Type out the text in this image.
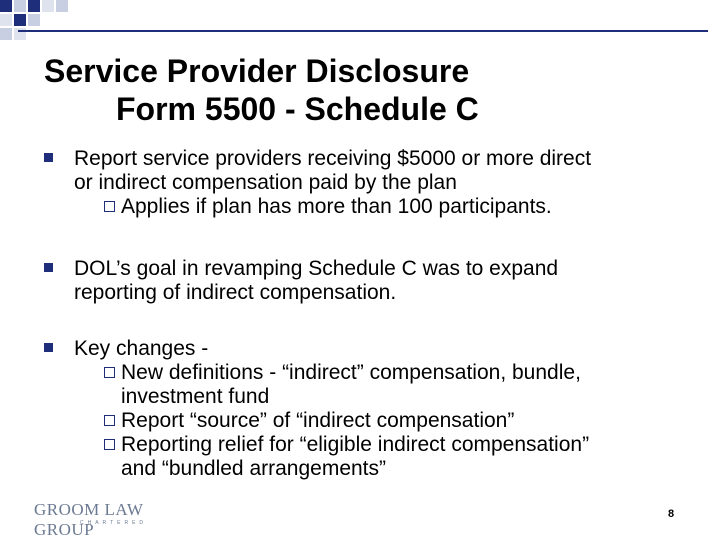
Service Provider Disclosure
Form 5500 - Schedule C
Report service providers receiving $5000 or more direct
or indirect compensation paid by the plan
Applies if plan has more than 100 participants.
DOL’s goal in revamping Schedule C was to expand
reporting of indirect compensation.
Key changes -
New definitions - “indirect” compensation, bundle,
investment fund
Report “source” of “indirect compensation”
Reporting relief for “eligible indirect compensation”
and “bundled arrangements”
GROOM LAW GROUP
CHARTERED
8
